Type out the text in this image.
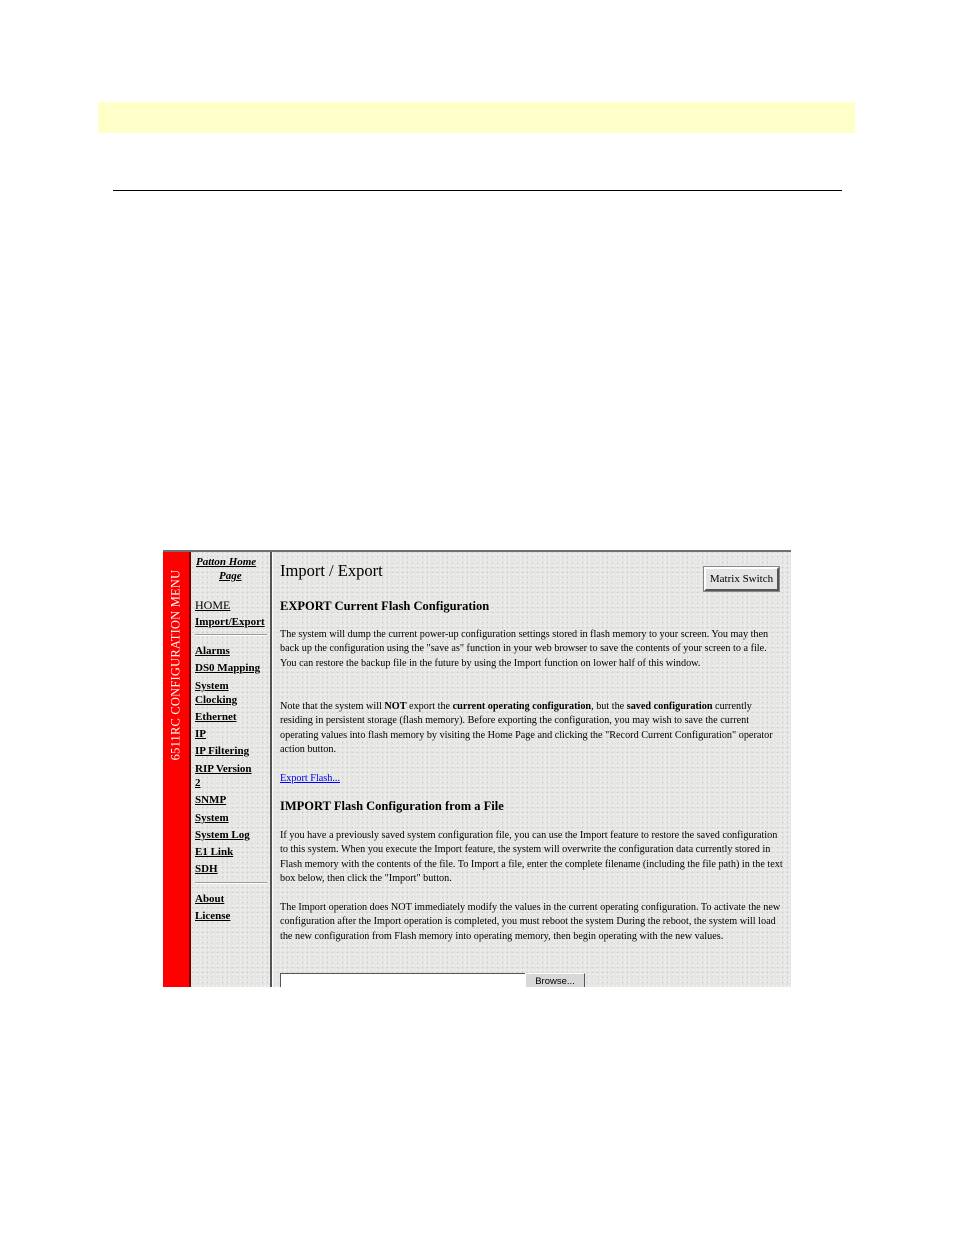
6511RC CONFIGURATION MENU
Patton Home
Page
HOME
Import/Export
Alarms
DS0 Mapping
System
Clocking
Ethernet
IP
IP Filtering
RIP Version
2
SNMP
System
System Log
E1 Link
SDH
About
License
Import / Export	Matrix Switch
EXPORT Current Flash Configuration

The system will dump the current power-up configuration settings stored in flash memory to your screen. You may then back up the configuration using the "save as" function in your web browser to save the contents of your screen to a file. You can restore the backup file in the future by using the Import function on lower half of this window.

Note that the system will NOT export the current operating configuration, but the saved configuration currently residing in persistent storage (flash memory). Before exporting the configuration, you may wish to save the current operating values into flash memory by visiting the Home Page and clicking the "Record Current Configuration" operator action button.

Export Flash...
IMPORT Flash Configuration from a File

If you have a previously saved system configuration file, you can use the Import feature to restore the saved configuration to this system. When you execute the Import feature, the system will overwrite the configuration data currently stored in Flash memory with the contents of the file. To Import a file, enter the complete filename (including the file path) in the text box below, then click the "Import" button.

The Import operation does NOT immediately modify the values in the current operating configuration. To activate the new configuration after the Import operation is completed, you must reboot the system During the reboot, the system will load the new configuration from Flash memory into operating memory, then begin operating with the new values.

Browse...
